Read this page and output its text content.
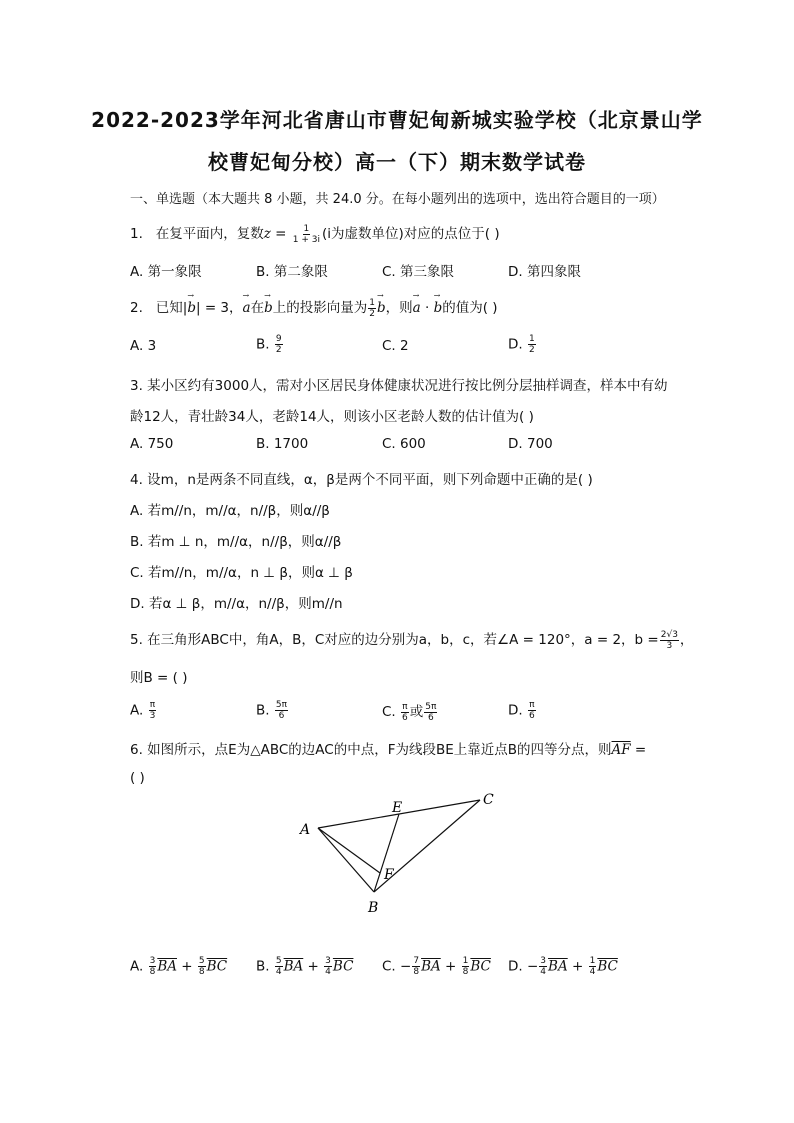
2022-2023学年河北省唐山市曹妃甸新城实验学校（北京景山学
校曹妃甸分校）高一（下）期末数学试卷
一、单选题（本大题共 8 小题，共 24.0 分。在每小题列出的选项中，选出符合题目的一项）
1. 在复平面内，复数$z = \frac{1}{1 + 3i} (i$为虚数单位)对应的点位于( )
A. 第一象限	B. 第二象限	C. 第三象限	D. 第四象限
2. 已知|→ b| = 3，→ a在→ b上的投影向量为 $\frac{1}{2} \to b$，则→ a · → b的值为( )
A. 3	B. $\frac{9}{2}$	C. 2	D. $\frac{1}{2}$
3. 某小区约有3000人，需对小区居民身体健康状况进行按比例分层抽样调查，样本中有幼
龄12人，青壮龄34人，老龄14人，则该小区老龄人数的估计值为( )
A. 750	B. 1700	C. 600	D. 700
4. 设m，n是两条不同直线，α，β是两个不同平面，则下列命题中正确的是( )
A. 若m//n，m//α，n//β，则α//β
B. 若m ⊥ n，m//α，n//β，则α//β
C. 若m//n，m//α，n ⊥ β，则α ⊥ β
D. 若α ⊥ β，m//α，n//β，则m//n
5. 在三角形ABC中，角A，B，C对应的边分别为a，b，c，若∠A = 120°，a = 2，$b = \frac{2√3}{3}$ ，
则B = ( )
A. $\frac{\pi}{3}$	B. $\frac{5\pi}{6}$	C. $\frac{\pi}{6}$ 或 $\frac{5\pi}{6}$	D. $\frac{\pi}{6}$
6. 如图所示，点E为△ABC的边AC的中点，F为线段BE上靠近点B的四等分点，则$\overline{AF}$ =
( )
A
B
C
E
F
A. $\frac{3}{8} \overline{BA} + \frac{5}{8} \overline{BC}$ B. $\frac{5}{4} \overline{BA} + \frac{3}{4} \overline{BC}$ C. − $\frac{7}{8} \overline{BA} + \frac{1}{8} \overline{BC}$ D. − $\frac{3}{4} \overline{BA} + \frac{1}{4} \overline{BC}$
